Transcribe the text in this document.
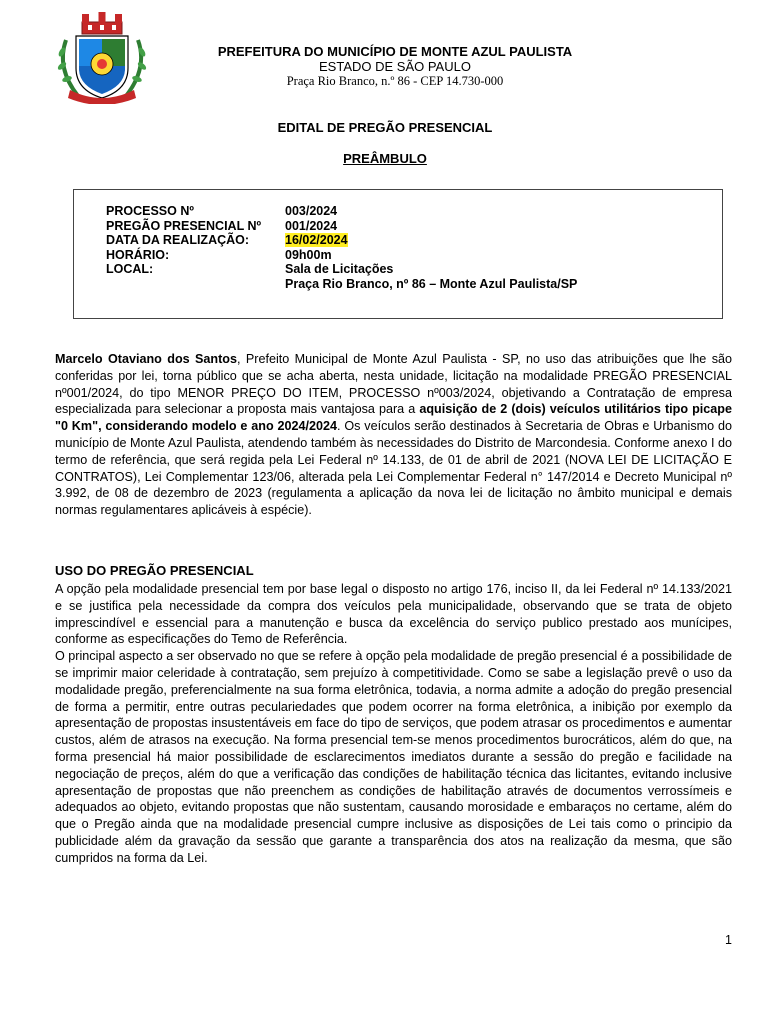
PREFEITURA DO MUNICÍPIO DE MONTE AZUL PAULISTA
ESTADO DE SÃO PAULO
Praça Rio Branco, n.º 86 - CEP 14.730-000
EDITAL DE PREGÃO PRESENCIAL
PREÂMBULO
PROCESSO Nº	003/2024
PREGÃO PRESENCIAL Nº	001/2024
DATA DA REALIZAÇÃO:	16/02/2024
HORÁRIO:	09h00m
LOCAL:	Sala de Licitações
	Praça Rio Branco, nº 86 – Monte Azul Paulista/SP

Marcelo Otaviano dos Santos, Prefeito Municipal de Monte Azul Paulista - SP, no uso das atribuições que lhe são conferidas por lei, torna público que se acha aberta, nesta unidade, licitação na modalidade PREGÃO PRESENCIAL nº001/2024, do tipo MENOR PREÇO DO ITEM, PROCESSO nº003/2024, objetivando a Contratação de empresa especializada para selecionar a proposta mais vantajosa para a aquisição de 2 (dois) veículos utilitários tipo picape "0 Km", considerando modelo e ano 2024/2024. Os veículos serão destinados à Secretaria de Obras e Urbanismo do município de Monte Azul Paulista, atendendo também às necessidades do Distrito de Marcondesia. Conforme anexo I do termo de referência, que será regida pela Lei Federal nº 14.133, de 01 de abril de 2021 (NOVA LEI DE LICITAÇÃO E CONTRATOS), Lei Complementar 123/06, alterada pela Lei Complementar Federal n° 147/2014 e Decreto Municipal nº 3.992, de 08 de dezembro de 2023 (regulamenta a aplicação da nova lei de licitação no âmbito municipal e demais normas regulamentares aplicáveis à espécie).

USO DO PREGÃO PRESENCIAL

A opção pela modalidade presencial tem por base legal o disposto no artigo 176, inciso II, da lei Federal nº 14.133/2021 e se justifica pela necessidade da compra dos veículos pela municipalidade, observando que se trata de objeto imprescindível e essencial para a manutenção e busca da excelência do serviço publico prestado aos munícipes, conforme as especificações do Temo de Referência.

O principal aspecto a ser observado no que se refere à opção pela modalidade de pregão presencial é a possibilidade de se imprimir maior celeridade à contratação, sem prejuízo à competitividade. Como se sabe a legislação prevê o uso da modalidade pregão, preferencialmente na sua forma eletrônica, todavia, a norma admite a adoção do pregão presencial de forma a permitir, entre outras peculariedades que podem ocorrer na forma eletrônica, a inibição por exemplo da apresentação de propostas insustentáveis em face do tipo de serviços, que podem atrasar os procedimentos e aumentar custos, além de atrasos na execução. Na forma presencial tem-se menos procedimentos burocráticos, além do que, na forma presencial há maior possibilidade de esclarecimentos imediatos durante a sessão do pregão e facilidade na negociação de preços, além do que a verificação das condições de habilitação técnica das licitantes, evitando inclusive apresentação de propostas que não preenchem as condições de habilitação através de documentos verrossímeis e adequados ao objeto, evitando propostas que não sustentam, causando morosidade e embaraços no certame, além do que o Pregão ainda que na modalidade presencial cumpre inclusive as disposições de Lei tais como o principio da publicidade além da gravação da sessão que garante a transparência dos atos na realização da mesma, que são cumpridos na forma da Lei.

1
